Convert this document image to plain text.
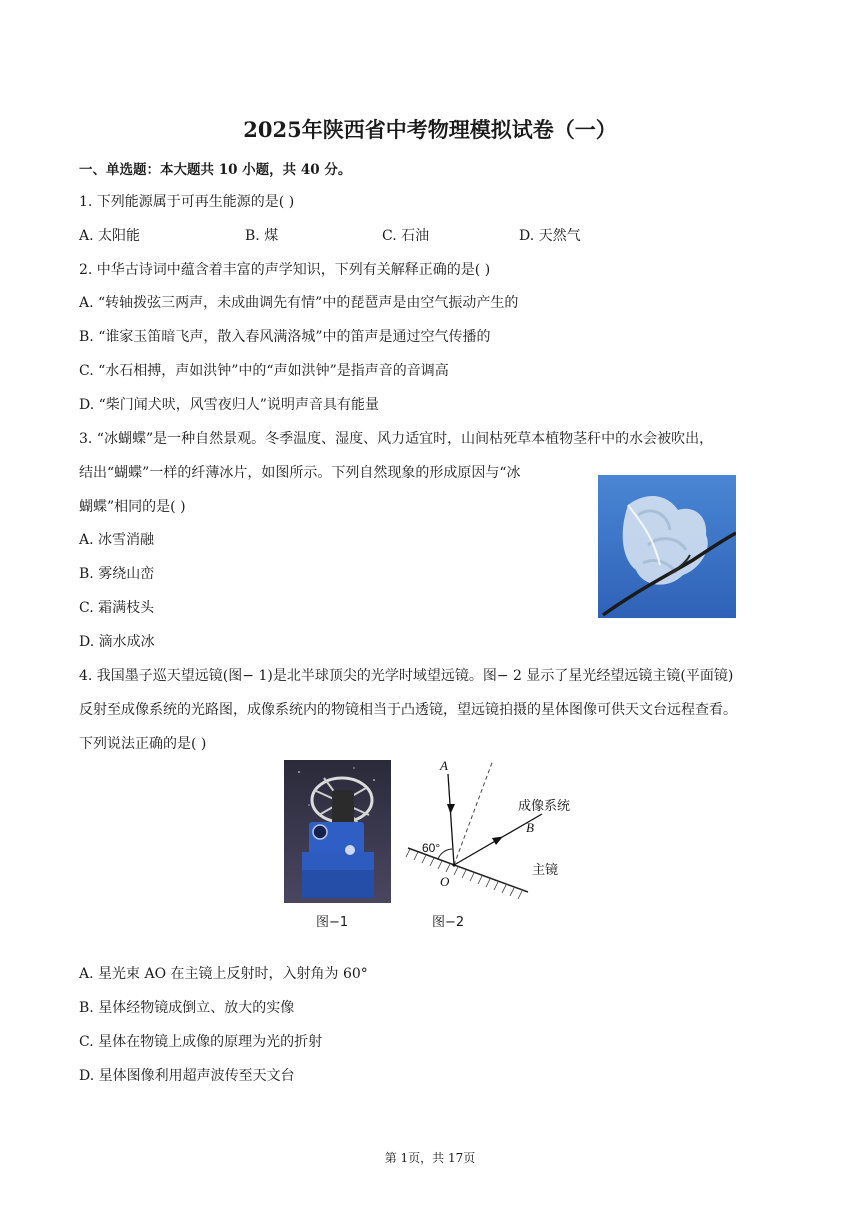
2025年陕西省中考物理模拟试卷（一）
一、单选题：本大题共 10 小题，共 40 分。
1. 下列能源属于可再生能源的是( )
A. 太阳能	B. 煤	C. 石油	D. 天然气
2. 中华古诗词中蕴含着丰富的声学知识，下列有关解释正确的是( )
A. “转轴拨弦三两声，未成曲调先有情”中的琵琶声是由空气振动产生的
B. “谁家玉笛暗飞声，散入春风满洛城”中的笛声是通过空气传播的
C. “水石相搏，声如洪钟”中的“声如洪钟”是指声音的音调高
D. “柴门闻犬吠，风雪夜归人”说明声音具有能量
3. “冰蝴蝶”是一种自然景观。冬季温度、湿度、风力适宜时，山间枯死草本植物茎秆中的水会被吹出，
结出“蝴蝶”一样的纤薄冰片，如图所示。下列自然现象的形成原因与“冰
蝴蝶”相同的是( )
A. 冰雪消融
B. 雾绕山峦
C. 霜满枝头
D. 滴水成冰
4. 我国墨子巡天望远镜(图− 1)是北半球顶尖的光学时域望远镜。图− 2 显示了星光经望远镜主镜(平面镜)
反射至成像系统的光路图，成像系统内的物镜相当于凸透镜，望远镜拍摄的星体图像可供天文台远程查看。
下列说法正确的是( )
图−1
A
B
O
60°
成像系统
主镜
图−2
A. 星光束 AO 在主镜上反射时，入射角为 60°
B. 星体经物镜成倒立、放大的实像
C. 星体在物镜上成像的原理为光的折射
D. 星体图像利用超声波传至天文台
第 1页，共 17页
